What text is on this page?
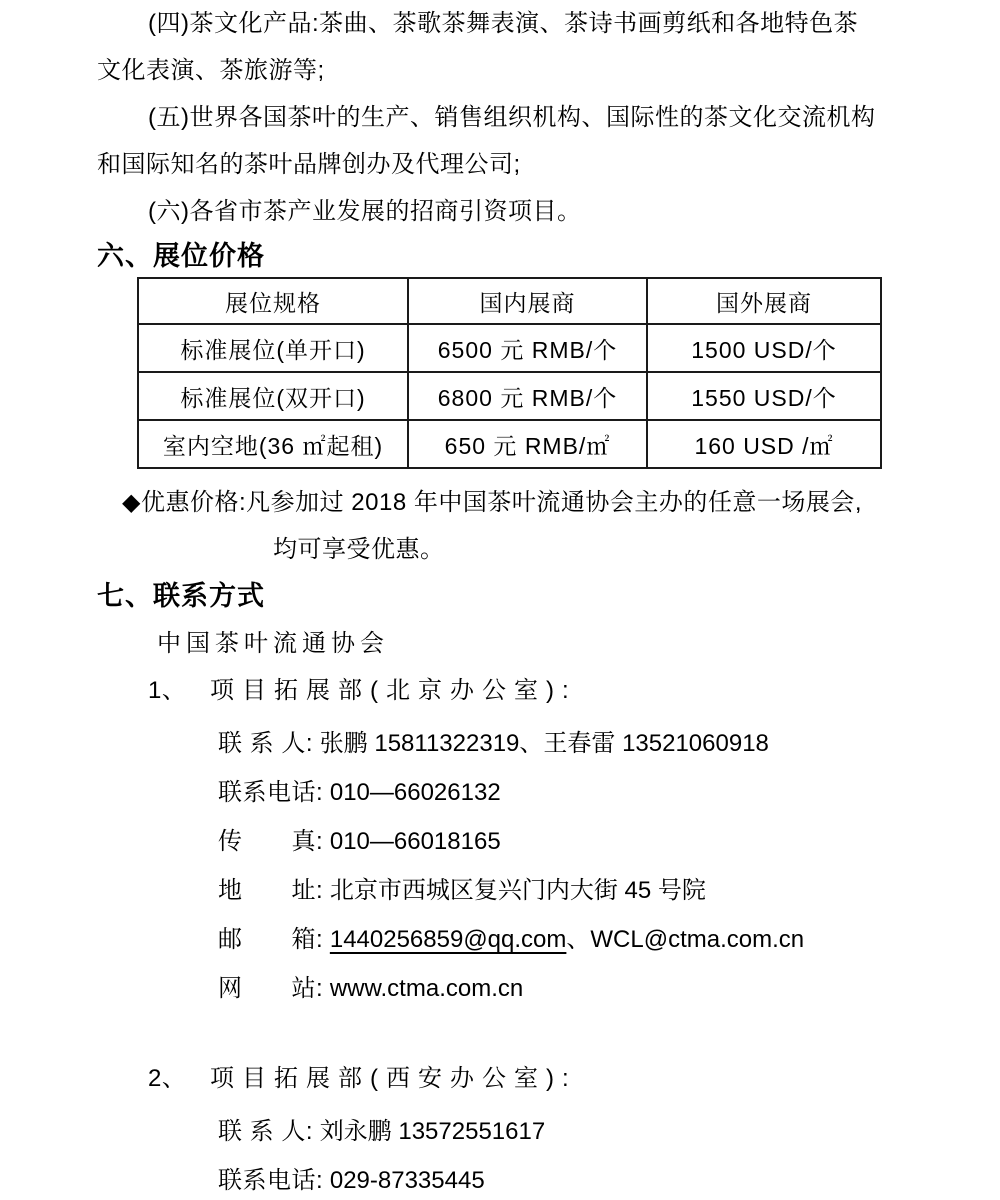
(四)茶文化产品:茶曲、茶歌茶舞表演、茶诗书画剪纸和各地特色茶
文化表演、茶旅游等;
(五)世界各国茶叶的生产、销售组织机构、国际性的茶文化交流机构
和国际知名的茶叶品牌创办及代理公司;
(六)各省市茶产业发展的招商引资项目。
六、展位价格
展位规格	国内展商	国外展商
标准展位(单开口)	6500 元 RMB/个	1500 USD/个
标准展位(双开口)	6800 元 RMB/个	1550 USD/个
室内空地(36 ㎡起租)	650 元 RMB/㎡	160 USD /㎡
◆优惠价格:凡参加过 2018 年中国茶叶流通协会主办的任意一场展会,
均可享受优惠。
七、联系方式
中国茶叶流通协会
1、 项目拓展部(北京办公室):
联 系 人: 张鹏 15811322319、王春雷 13521060918
联系电话: 010—66026132
传　　真: 010—66018165
地　　址: 北京市西城区复兴门内大街 45 号院
邮　　箱: 1440256859@qq.com、WCL@ctma.com.cn
网　　站: www.ctma.com.cn
2、 项目拓展部(西安办公室):
联 系 人: 刘永鹏 13572551617
联系电话: 029-87335445
